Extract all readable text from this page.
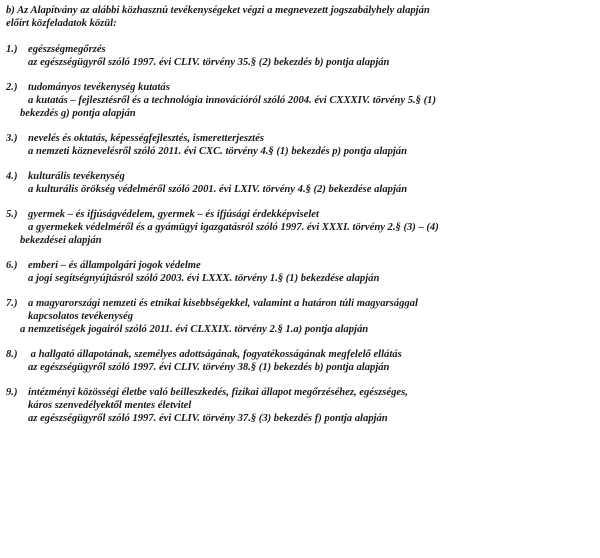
b) Az Alapítvány az alábbi közhasznú tevékenységeket végzi a megnevezett jogszabályhely alapján

előírt közfeladatok közül:

1.) egészségmegőrzés

az egészségügyről szóló 1997. évi CLIV. törvény 35.§ (2) bekezdés b) pontja alapján

2.) tudományos tevékenység kutatás

a kutatás – fejlesztésről és a technológia innovációról szóló 2004. évi CXXXIV. törvény 5.§ (1)

bekezdés g) pontja alapján

3.) nevelés és oktatás, képességfejlesztés, ismeretterjesztés

a nemzeti köznevelésről szóló 2011. évi CXC. törvény 4.§ (1) bekezdés p) pontja alapján

4.) kulturális tevékenység

a kulturális örökség védelméről szóló 2001. évi LXIV. törvény 4.§ (2) bekezdése alapján

5.) gyermek – és ifjúságvédelem, gyermek – és ifjúsági érdekképviselet

a gyermekek védelméről és a gyámügyi igazgatásról szóló 1997. évi XXXI. törvény 2.§ (3) – (4)

bekezdései alapján

6.) emberi – és állampolgári jogok védelme

a jogi segítségnyújtásról szóló 2003. évi LXXX. törvény 1.§ (1) bekezdése alapján

7.) a magyarországi nemzeti és etnikai kisebbségekkel, valamint a határon túli magyarsággal

kapcsolatos tevékenység

a nemzetiségek jogairól szóló 2011. évi CLXXIX. törvény 2.§ 1.a) pontja alapján

8.) a hallgató állapotának, személyes adottságának, fogyatékosságának megfelelő ellátás

az egészségügyről szóló 1997. évi CLIV. törvény 38.§ (1) bekezdés b) pontja alapján

9.) intézményi közösségi életbe való beilleszkedés, fizikai állapot megőrzéséhez, egészséges,

káros szenvedélyektől mentes életvitel

az egészségügyről szóló 1997. évi CLIV. törvény 37.§ (3) bekezdés f) pontja alapján
